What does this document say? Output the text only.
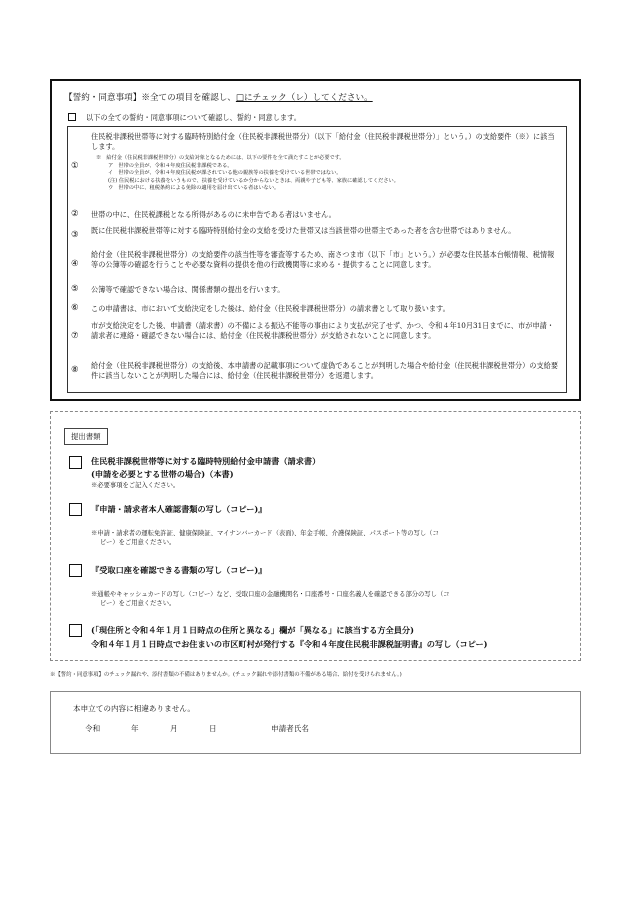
【誓約・同意事項】※全ての項目を確認し、□にチェック（レ）してください。
以下の全ての誓約・同意事項について確認し、誓約・同意します。
①
住民税非課税世帯等に対する臨時特別給付金（住民税非課税世帯分）（以下「給付金（住民税非課税世帯分）」という。）の支給要件（※）に該当します。
※　給付金（住民税非課税世帯分）の支給対象となるためには、以下の要件を全て満たすことが必要です。
ア　世帯の全員が、令和４年度住民税非課税である。
イ　世帯の全員が、令和４年度住民税が課されている他の親族等の扶養を受けている世帯ではない。
(注) 住民税における扶養をいうもので、扶養を受けているか分からないときは、両親や子ども等、家族に確認してください。
ウ　世帯の中に、租税条約による免除の適用を届け出ている者はいない。
② 世帯の中に、住民税課税となる所得があるのに未申告である者はいません。
③ 既に住民税非課税世帯等に対する臨時特別給付金の支給を受けた世帯又は当該世帯の世帯主であった者を含む世帯ではありません。
④
給付金（住民税非課税世帯分）の支給要件の該当性等を審査等するため、南さつま市（以下「市」という。）が必要な住民基本台帳情報、税情報等の公簿等の確認を行うことや必要な資料の提供を他の行政機関等に求める・提供することに同意します。
⑤ 公簿等で確認できない場合は、関係書類の提出を行います。
⑥ この申請書は、市において支給決定をした後は、給付金（住民税非課税世帯分）の請求書として取り扱います。
⑦
市が支給決定をした後、申請書（請求書）の不備による振込不能等の事由により支払が完了せず、かつ、令和４年10月31日までに、市が申請・請求者に連絡・確認できない場合には、給付金（住民税非課税世帯分）が支給されないことに同意します。
⑧ 給付金（住民税非課税世帯分）の支給後、本申請書の記載事項について虚偽であることが判明した場合や給付金（住民税非課税世帯分）の支給要件に該当しないことが判明した場合には、給付金（住民税非課税世帯分）を返還します。
提出書類
住民税非課税世帯等に対する臨時特別給付金申請書（請求書）
(申請を必要とする世帯の場合)（本書)
※必要事項をご記入ください。
『申請・請求者本人確認書類の写し（コピー)』
※申請・請求者の運転免許証、健康保険証、マイナンバーカード（表面)、年金手帳、介護保険証、パスポート等の写し（コ
ピー）をご用意ください。
『受取口座を確認できる書類の写し（コピー)』
※通帳やキャッシュカードの写し（コピー）など、受取口座の金融機関名・口座番号・口座名義人を確認できる部分の写し（コ
ピー）をご用意ください。
(「現住所と令和４年１月１日時点の住所と異なる」欄が「異なる」に該当する方全員分)
令和４年１月１日時点でお住まいの市区町村が発行する『令和４年度住民税非課税証明書』の写し（コピー)
※【誓約・同意事項】のチェック漏れや、添付書類の不備はありませんか。(チェック漏れや添付書類の不備がある場合、給付を受けられません。)
本申立ての内容に相違ありません。
令和	年	月	日	申請者氏名
